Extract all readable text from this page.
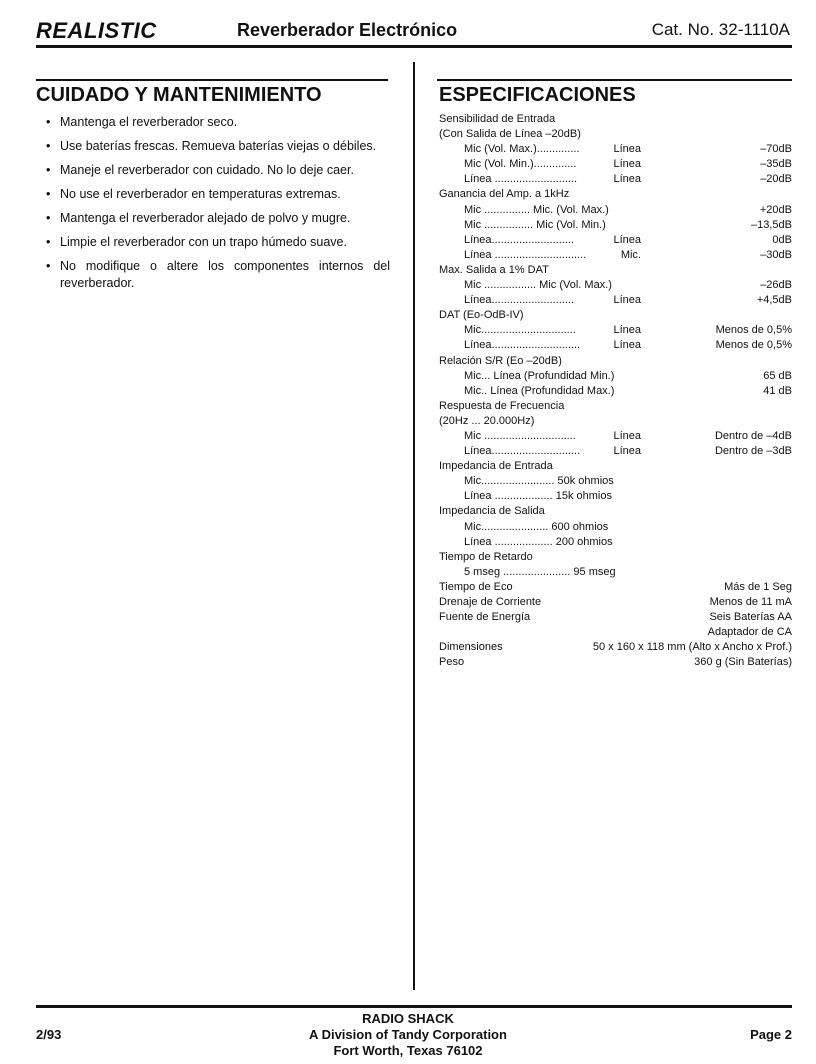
REALISTIC	Reverberador Electrónico	Cat. No. 32-1110A
CUIDADO Y MANTENIMIENTO
• Mantenga el reverberador seco.
• Use baterías frescas. Remueva baterías viejas o débiles.
• Maneje el reverberador con cuidado. No lo deje caer.
• No use el reverberador en temperaturas extremas.
• Mantenga el reverberador alejado de polvo y mugre.
• Limpie el reverberador con un trapo húmedo suave.
• No modifique o altere los componentes internos del reverberador.
ESPECIFICACIONES
Sensibilidad de Entrada
(Con Salida de Línea –20dB)
Mic (Vol. Max.)..............	Línea	–70dB
Mic (Vol. Min.)..............	Línea	–35dB
Línea ...........................	Línea	–20dB
Ganancia del Amp. a 1kHz
Mic ............... Mic. (Vol. Max.)	+20dB
Mic ................ Mic (Vol. Min.)	–13,5dB
Línea...........................	Línea	0dB
Línea ..............................	Mic.	–30dB
Max. Salida a 1% DAT
Mic ................. Mic (Vol. Max.)	–26dB
Línea...........................	Línea	+4,5dB
DAT (Eo-OdB-IV)
Mic...............................	Línea	Menos de 0,5%
Línea.............................	Línea	Menos de 0,5%
Relación S/R (Eo –20dB)
Mic... Línea (Profundidad Min.)	65 dB
Mic.. Línea (Profundidad Max.)	41 dB
Respuesta de Frecuencia
(20Hz ... 20.000Hz)
Mic ..............................	Línea	Dentro de –4dB
Línea.............................	Línea	Dentro de –3dB
Impedancia de Entrada
Mic........................ 50k ohmios
Línea ................... 15k ohmios
Impedancia de Salida
Mic...................... 600 ohmios
Línea ................... 200 ohmios
Tiempo de Retardo
5 mseg ...................... 95 mseg
Tiempo de Eco	Más de 1 Seg
Drenaje de Corriente	Menos de 11 mA
Fuente de Energía	Seis Baterías AA
Adaptador de CA
Dimensiones	50 x 160 x 118 mm (Alto x Ancho x Prof.)
Peso	360 g (Sin Baterías)
2/93
RADIO SHACK
A Division of Tandy Corporation
Fort Worth, Texas 76102
Page 2
